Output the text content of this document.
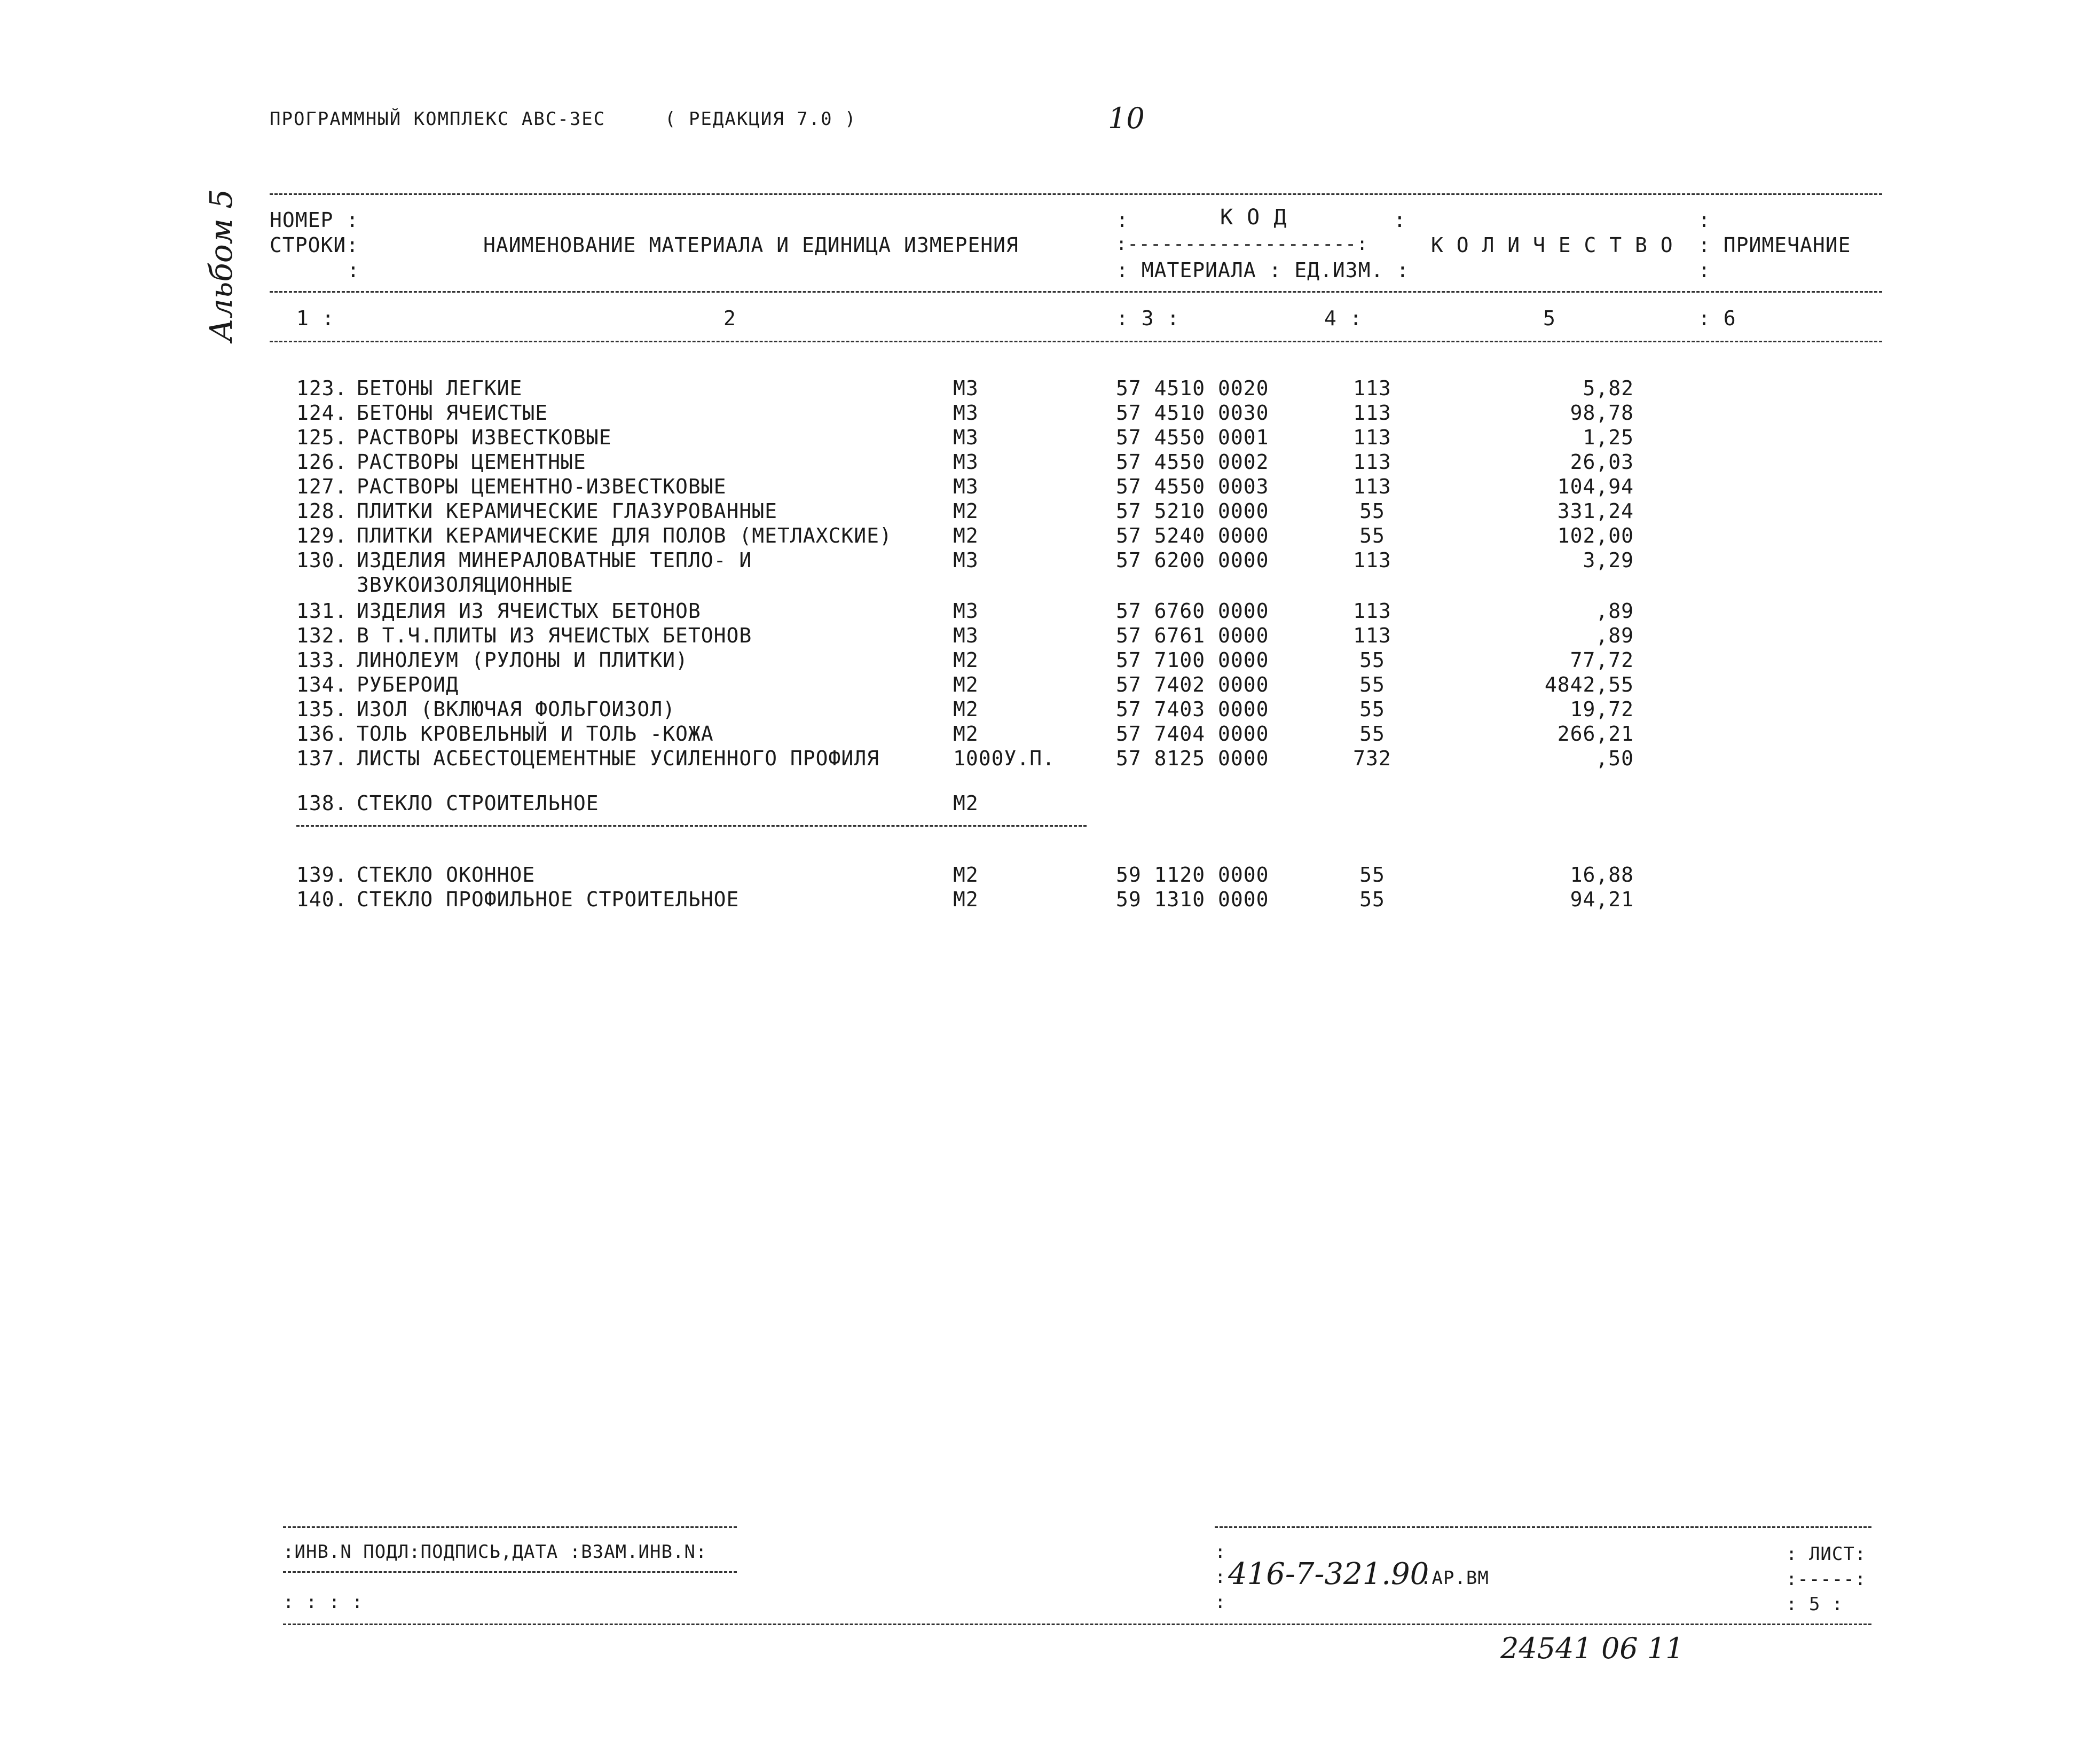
ПРОГРАММНЫЙ КОМПЛЕКС АВС-3ЕС	( РЕДАКЦИЯ 7.0 )	10
Альбом 5 НОМЕР :
СТРОКИ:
:
НАИМЕНОВАНИЕ МАТЕРИАЛА И ЕДИНИЦА ИЗМЕРЕНИЯ
:	К О Д	:
:--------------------:
: МАТЕРИАЛА : ЕД.ИЗМ. :
К О Л И Ч Е С Т В О
:
: ПРИМЕЧАНИЕ
:
1 :	2	: 3 :	4 :	5	: 6
123. БЕТОНЫ ЛЕГКИЕ	М3	57 4510 0020	113	5,82
124. БЕТОНЫ ЯЧЕИСТЫЕ	М3	57 4510 0030	113	98,78
125. РАСТВОРЫ ИЗВЕСТКОВЫЕ	М3	57 4550 0001	113	1,25
126. РАСТВОРЫ ЦЕМЕНТНЫЕ	М3	57 4550 0002	113	26,03
127. РАСТВОРЫ ЦЕМЕНТНО-ИЗВЕСТКОВЫЕ	М3	57 4550 0003	113	104,94
128. ПЛИТКИ КЕРАМИЧЕСКИЕ ГЛАЗУРОВАННЫЕ	М2	57 5210 0000	55	331,24
129. ПЛИТКИ КЕРАМИЧЕСКИЕ ДЛЯ ПОЛОВ (МЕТЛАХСКИЕ)	М2	57 5240 0000	55	102,00
130. ИЗДЕЛИЯ МИНЕРАЛОВАТНЫЕ ТЕПЛО- И	М3	57 6200 0000	113	3,29
ЗВУКОИЗОЛЯЦИОННЫЕ
131. ИЗДЕЛИЯ ИЗ ЯЧЕИСТЫХ БЕТОНОВ	М3	57 6760 0000	113	,89
132. В Т.Ч.ПЛИТЫ ИЗ ЯЧЕИСТЫХ БЕТОНОВ	М3	57 6761 0000	113	,89
133. ЛИНОЛЕУМ (РУЛОНЫ И ПЛИТКИ)	М2	57 7100 0000	55	77,72
134. РУБЕРОИД	М2	57 7402 0000	55	4842,55
135. ИЗОЛ (ВКЛЮЧАЯ ФОЛЬГОИЗОЛ)	М2	57 7403 0000	55	19,72
136. ТОЛЬ КРОВЕЛЬНЫЙ И ТОЛЬ -КОЖА	М2	57 7404 0000	55	266,21
137. ЛИСТЫ АСБЕСТОЦЕМЕНТНЫЕ УСИЛЕННОГО ПРОФИЛЯ	1000У.П.	57 8125 0000	732	,50
138. СТЕКЛО СТРОИТЕЛЬНОЕ	М2
139. СТЕКЛО ОКОННОЕ	М2	59 1120 0000	55	16,88
140. СТЕКЛО ПРОФИЛЬНОЕ СТРОИТЕЛЬНОЕ	М2	59 1310 0000	55	94,21
:ИНВ.N ПОДЛ:ПОДПИСЬ,ДАТА :ВЗАМ.ИНВ.N:
: : : :
:
:
:
416-7-321.90
.АР.ВМ
: ЛИСТ:
:-----:
: 5 :
24541 06 11
